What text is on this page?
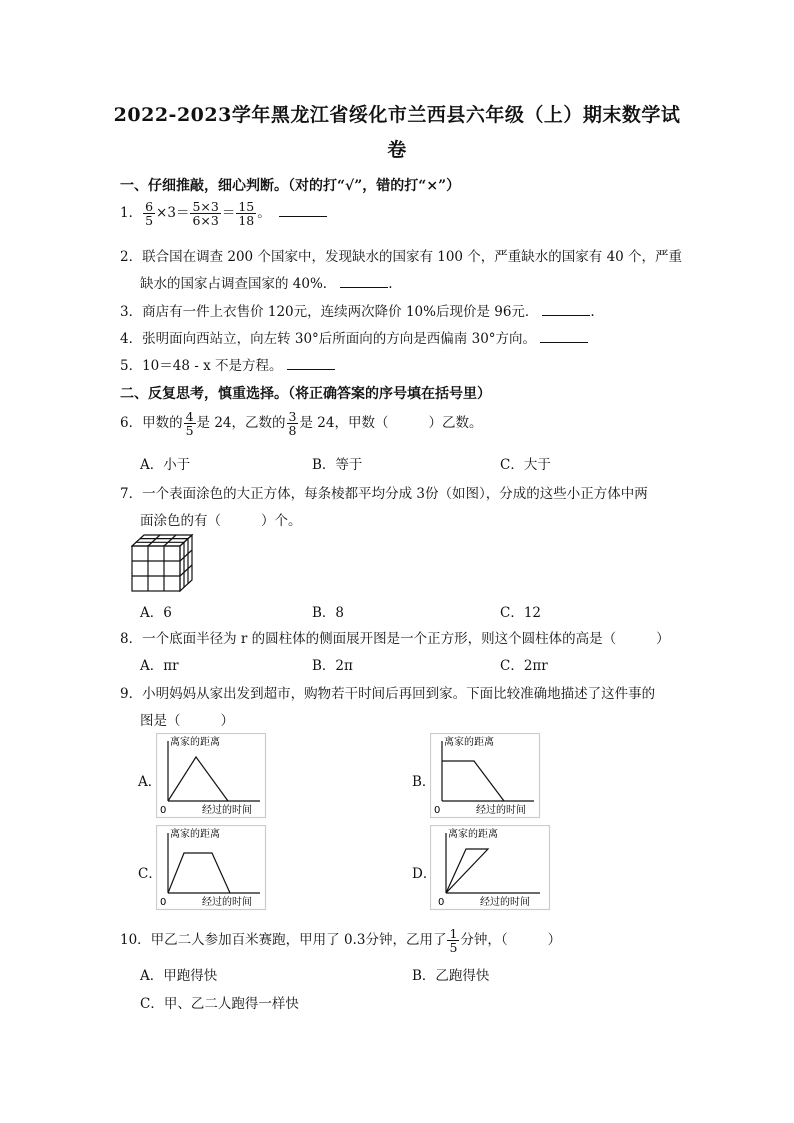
2022-2023学年黑龙江省绥化市兰西县六年级（上）期末数学试
卷
一、仔细推敲，细心判断。（对的打“√”，错的打“×”）
1． $\frac{6}{5} \times 3= \frac{5\times 3}{6\times 3} = \frac{15}{18}$ 。
2．联合国在调查 200 个国家中，发现缺水的国家有 100 个，严重缺水的国家有 40 个，严重
缺水的国家占调查国家的 40%．	.
3．商店有一件上衣售价 120元，连续两次降价 10%后现价是 96元．	.
4．张明面向西站立，向左转 30°后所面向的方向是西偏南 30°方向。
5．10＝48 - x 不是方程。
二、反复思考，慎重选择。（将正确答案的序号填在括号里）
6．甲数的 $\frac{4}{5}$ 是 24，乙数的 $\frac{3}{8}$ 是 24，甲数（	）乙数。
A．小于	B．等于	C．大于
7．一个表面涂色的大正方体，每条棱都平均分成 3份（如图），分成的这些小正方体中两
面涂色的有（	）个。
A．6	B．8	C．12
8．一个底面半径为 r 的圆柱体的侧面展开图是一个正方形，则这个圆柱体的高是（	）
A．πr	B．2π	C．2πr
9．小明妈妈从家出发到超市，购物若干时间后再回到家。下面比较准确地描述了这件事的
图是（	）
A．	B．
C．	D．
离家的距离
0	经过的时间
离家的距离
0	经过的时间
离家的距离
0	经过的时间
离家的距离
0	经过的时间
10．甲乙二人参加百米赛跑，甲用了 0.3分钟，乙用了 $\frac{1}{5}$ 分钟，（	）
A．甲跑得快	B．乙跑得快
C．甲、乙二人跑得一样快
